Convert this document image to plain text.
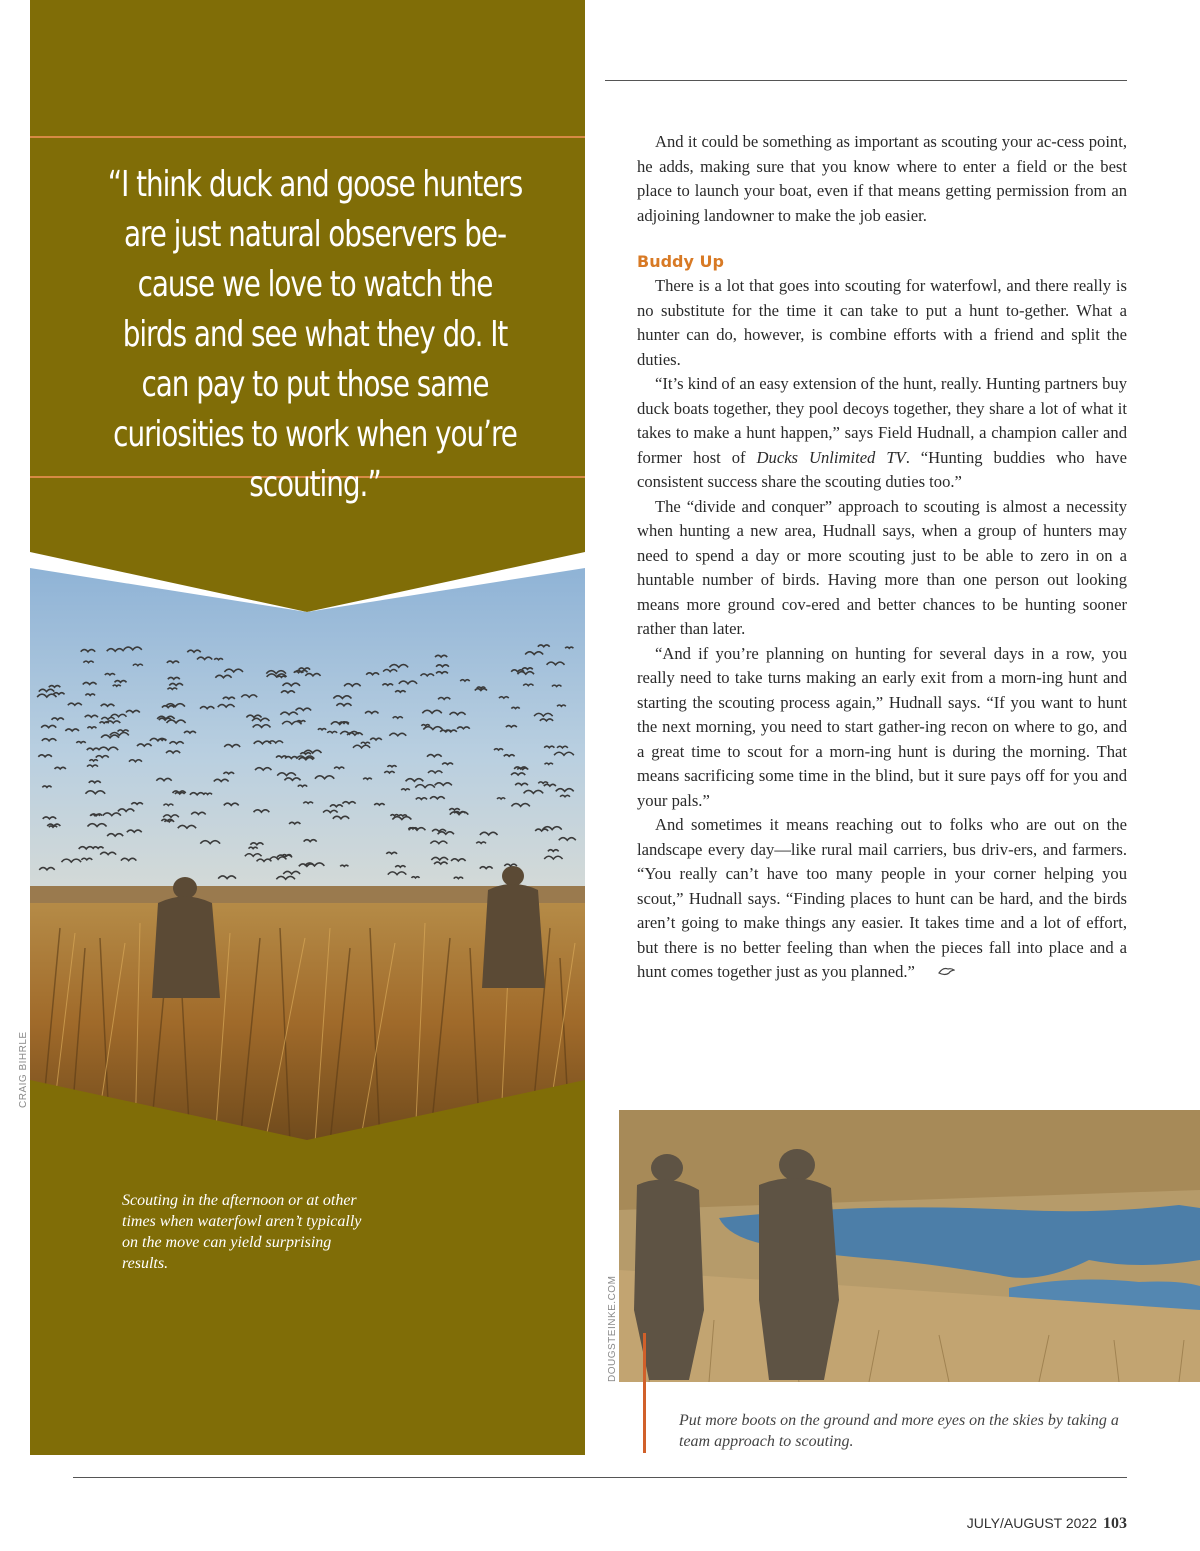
“I think duck and goose hunters are just natural observers be-cause we love to watch the birds and see what they do. It can pay to put those same curiosities to work when you’re scouting.”

CRAIG BIHRLE

Scouting in the afternoon or at other times when waterfowl aren’t typically on the move can yield surprising results.

And it could be something as important as scouting your ac-cess point, he adds, making sure that you know where to enter a field or the best place to launch your boat, even if that means getting permission from an adjoining landowner to make the job easier.

Buddy Up

There is a lot that goes into scouting for waterfowl, and there really is no substitute for the time it can take to put a hunt to-gether. What a hunter can do, however, is combine efforts with a friend and split the duties.

“It’s kind of an easy extension of the hunt, really. Hunting partners buy duck boats together, they pool decoys together, they share a lot of what it takes to make a hunt happen,” says Field Hudnall, a champion caller and former host of Ducks Unlimited TV. “Hunting buddies who have consistent success share the scouting duties too.”

The “divide and conquer” approach to scouting is almost a necessity when hunting a new area, Hudnall says, when a group of hunters may need to spend a day or more scouting just to be able to zero in on a huntable number of birds. Having more than one person out looking means more ground cov-ered and better chances to be hunting sooner rather than later.

“And if you’re planning on hunting for several days in a row, you really need to take turns making an early exit from a morn-ing hunt and starting the scouting process again,” Hudnall says. “If you want to hunt the next morning, you need to start gather-ing recon on where to go, and a great time to scout for a morn-ing hunt is during the morning. That means sacrificing some time in the blind, but it sure pays off for you and your pals.”

And sometimes it means reaching out to folks who are out on the landscape every day—like rural mail carriers, bus driv-ers, and farmers. “You really can’t have too many people in your corner helping you scout,” Hudnall says. “Finding places to hunt can be hard, and the birds aren’t going to make things any easier. It takes time and a lot of effort, but there is no better feeling than when the pieces fall into place and a hunt comes together just as you planned.”

DOUGSTEINKE.COM

Put more boots on the ground and more eyes on the skies by taking a team approach to scouting.

JULY/AUGUST 2022 103
